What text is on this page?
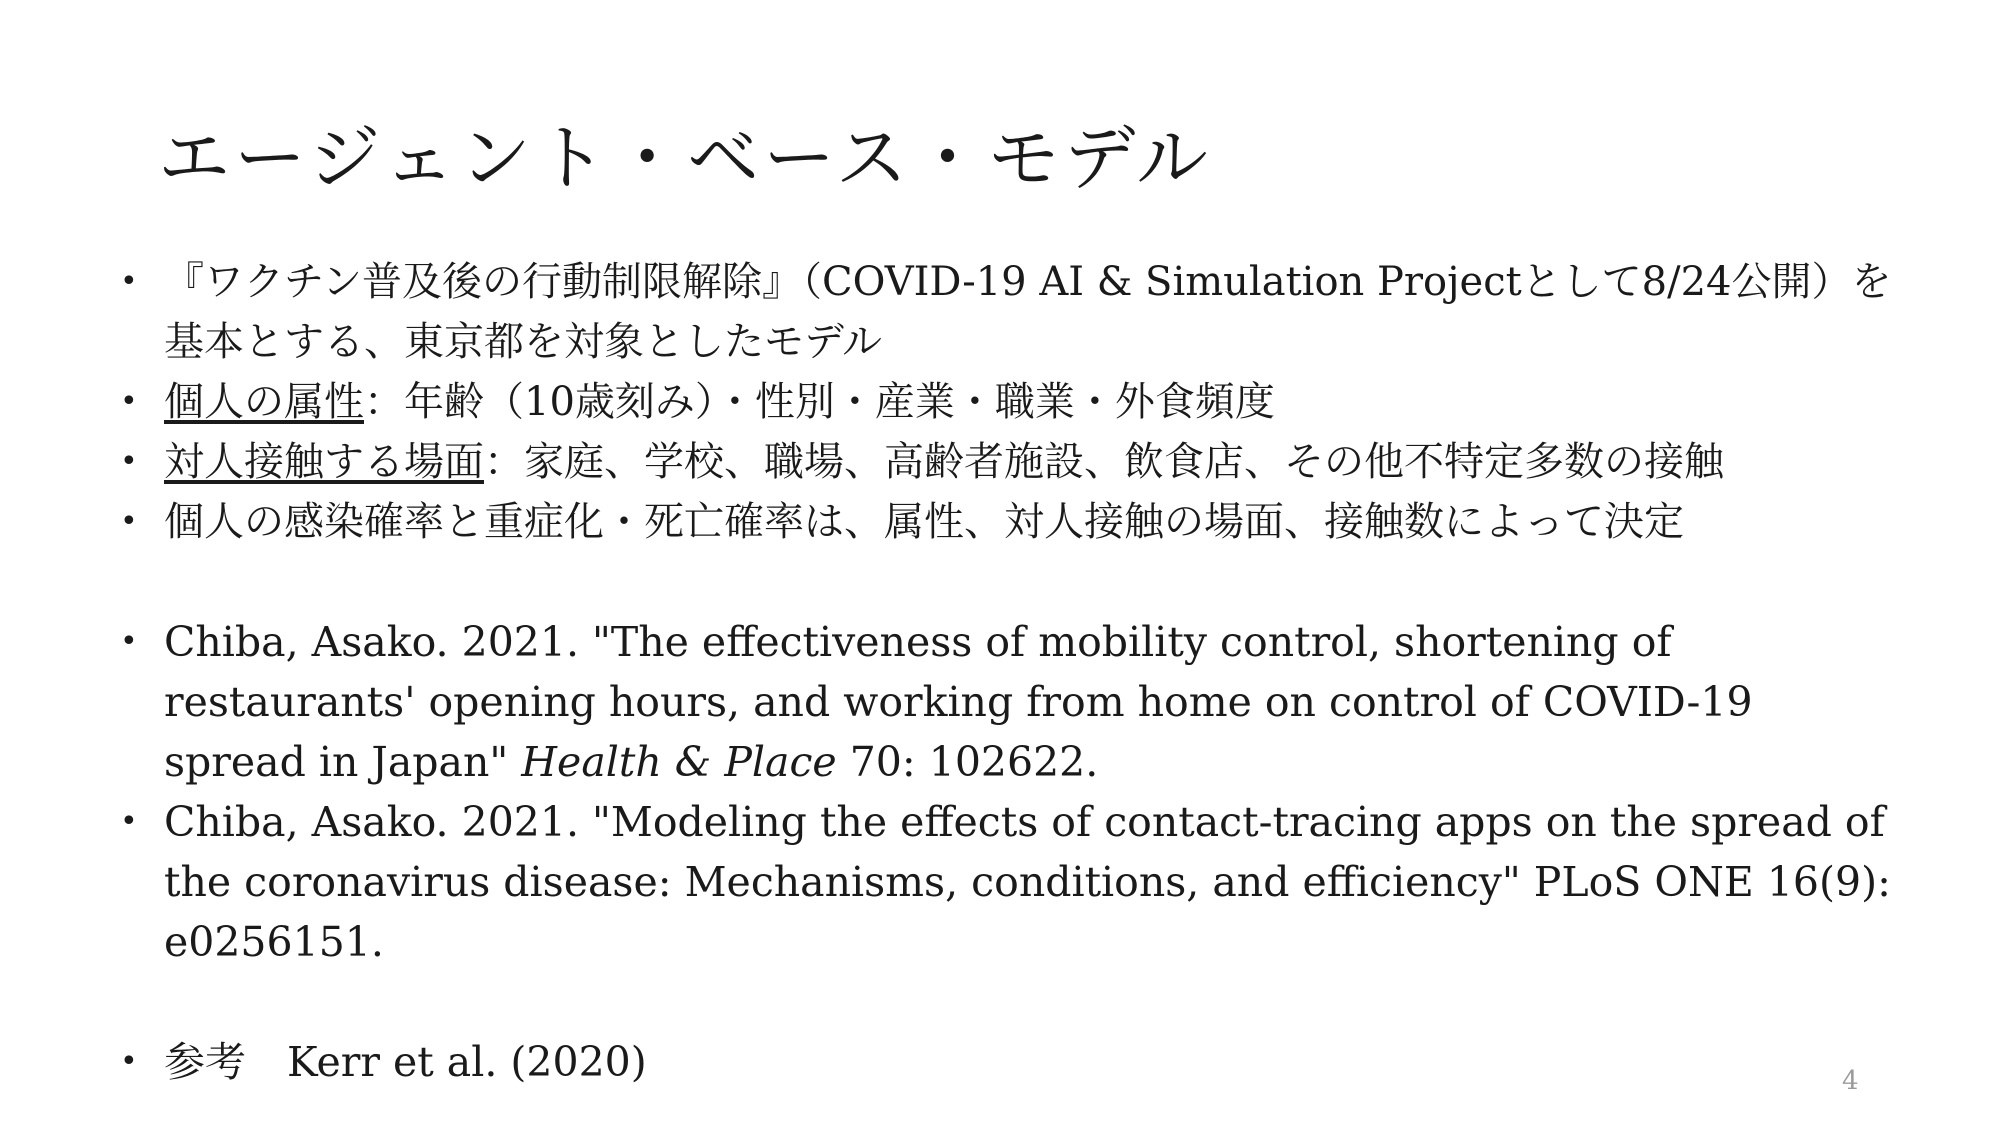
エージェント・ベース・モデル
• 『ワクチン普及後の行動制限解除』（COVID-19 AI & Simulation Projectとして8/24公開）を基本とする、東京都を対象としたモデル
• 個人の属性：年齢（10歳刻み）・性別・産業・職業・外食頻度
• 対人接触する場面：家庭、学校、職場、高齢者施設、飲食店、その他不特定多数の接触
• 個人の感染確率と重症化・死亡確率は、属性、対人接触の場面、接触数によって決定
• Chiba, Asako. 2021. "The effectiveness of mobility control, shortening of restaurants' opening hours, and working from home on control of COVID-19 spread in Japan" Health & Place 70: 102622.
• Chiba, Asako. 2021. "Modeling the effects of contact-tracing apps on the spread of the coronavirus disease: Mechanisms, conditions, and efficiency" PLoS ONE 16(9): e0256151.
• 参考　Kerr et al. (2020)	4
